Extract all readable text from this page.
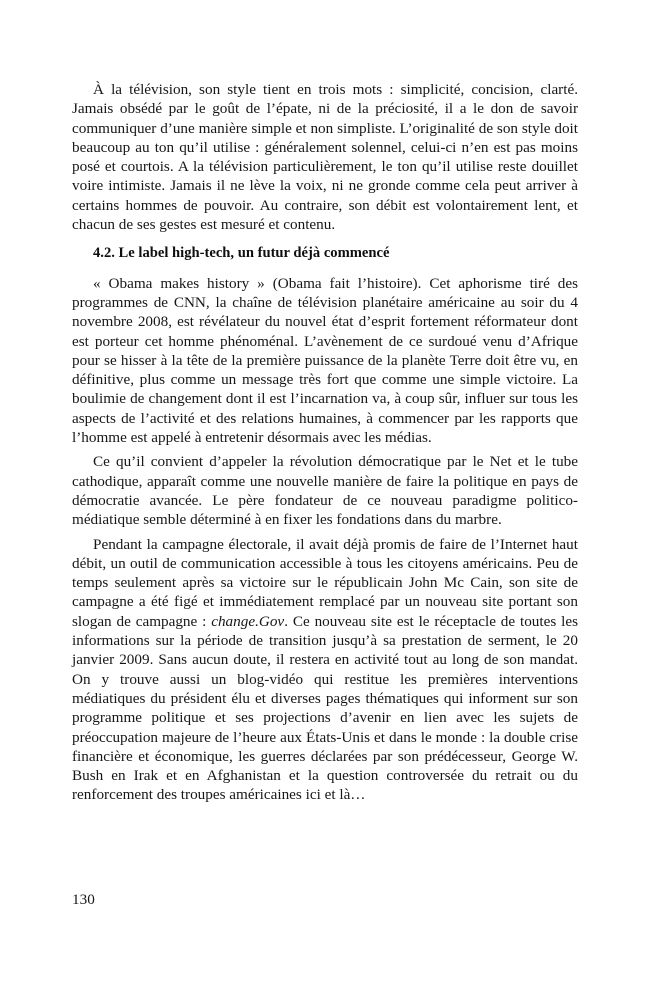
À la télévision, son style tient en trois mots : simplicité, concision, clarté. Jamais obsédé par le goût de l’épate, ni de la préciosité, il a le don de savoir communiquer d’une manière simple et non simpliste. L’originalité de son style doit beaucoup au ton qu’il utilise : généralement solennel, celui-ci n’en est pas moins posé et courtois. A la télévision particulièrement, le ton qu’il utilise reste douillet voire intimiste. Jamais il ne lève la voix, ni ne gronde comme cela peut arriver à certains hommes de pouvoir. Au contraire, son débit est volontairement lent, et chacun de ses gestes est mesuré et contenu.

4.2. Le label high-tech, un futur déjà commencé

« Obama makes history » (Obama fait l’histoire). Cet aphorisme tiré des programmes de CNN, la chaîne de télévision planétaire américaine au soir du 4 novembre 2008, est révélateur du nouvel état d’esprit fortement réformateur dont est porteur cet homme phénoménal. L’avènement de ce surdoué venu d’Afrique pour se hisser à la tête de la première puissance de la planète Terre doit être vu, en définitive, plus comme un message très fort que comme une simple victoire. La boulimie de changement dont il est l’incarnation va, à coup sûr, influer sur tous les aspects de l’activité et des relations humaines, à commencer par les rapports que l’homme est appelé à entretenir désormais avec les médias.

Ce qu’il convient d’appeler la révolution démocratique par le Net et le tube cathodique, apparaît comme une nouvelle manière de faire la politique en pays de démocratie avancée. Le père fondateur de ce nouveau paradigme politico-médiatique semble déterminé à en fixer les fondations dans du marbre.

Pendant la campagne électorale, il avait déjà promis de faire de l’Internet haut débit, un outil de communication accessible à tous les citoyens américains. Peu de temps seulement après sa victoire sur le républicain John Mc Cain, son site de campagne a été figé et immédiatement remplacé par un nouveau site portant son slogan de campagne : change.Gov. Ce nouveau site est le réceptacle de toutes les informations sur la période de transition jusqu’à sa prestation de serment, le 20 janvier 2009. Sans aucun doute, il restera en activité tout au long de son mandat. On y trouve aussi un blog-vidéo qui restitue les premières interventions médiatiques du président élu et diverses pages thématiques qui informent sur son programme politique et ses projections d’avenir en lien avec les sujets de préoccupation majeure de l’heure aux États-Unis et dans le monde : la double crise financière et économique, les guerres déclarées par son prédécesseur, George W. Bush en Irak et en Afghanistan et la question controversée du retrait ou du renforcement des troupes américaines ici et là…

130
